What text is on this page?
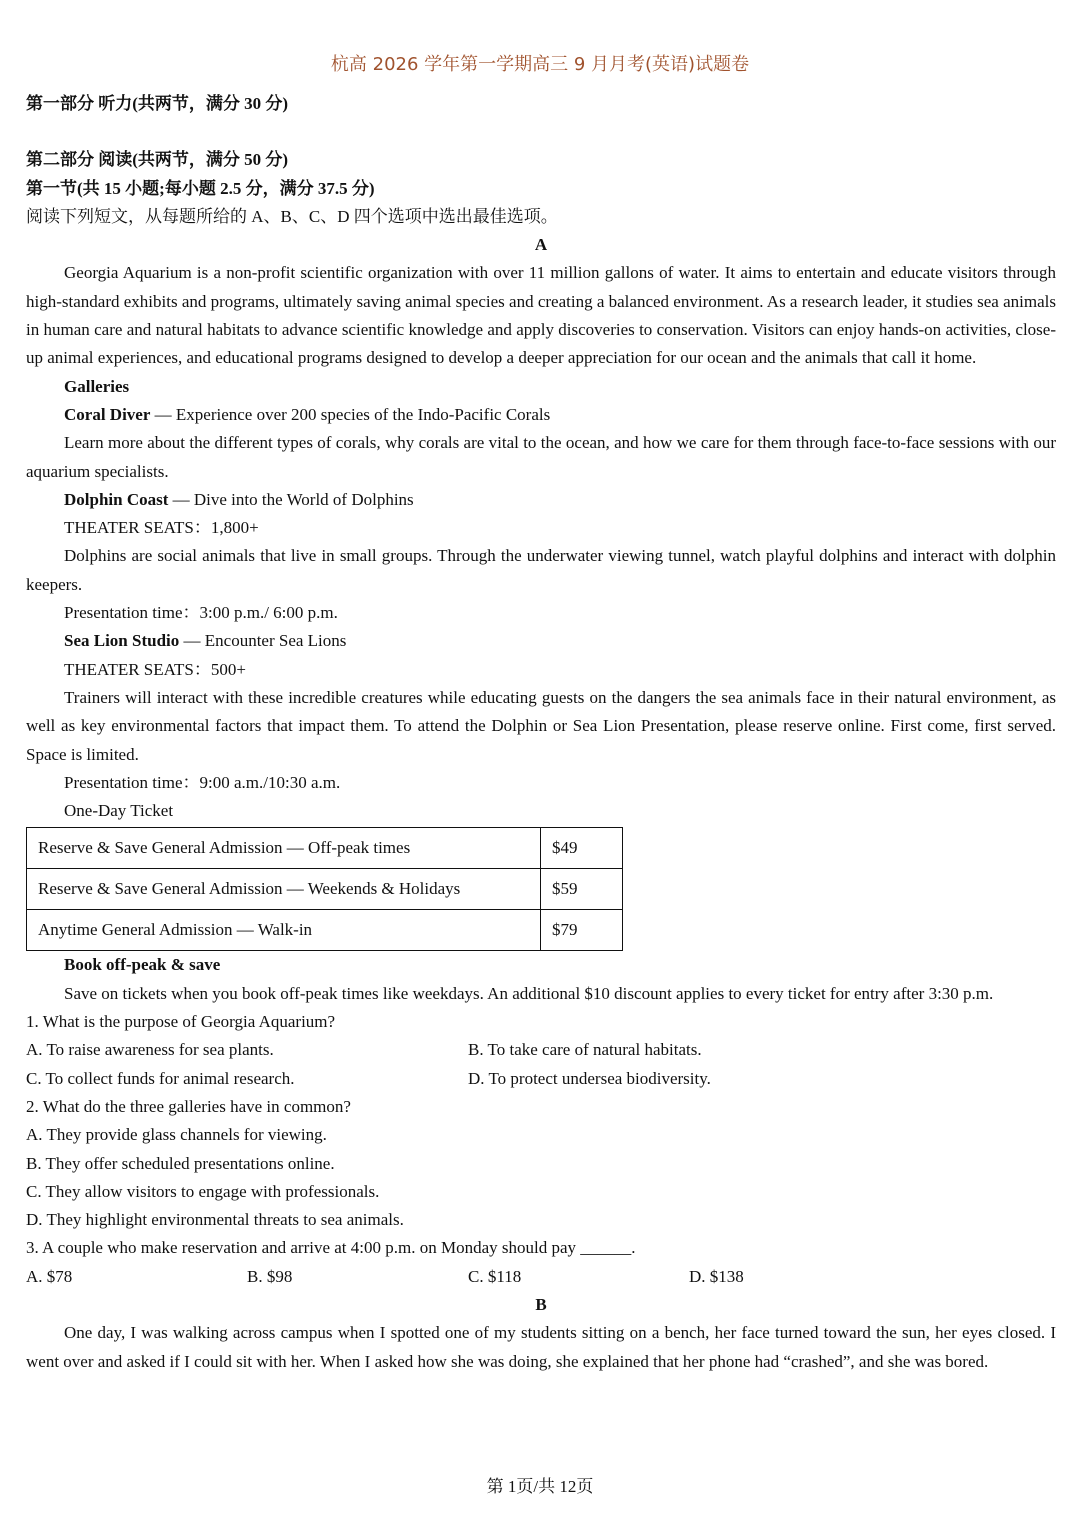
杭高 2026 学年第一学期高三 9 月月考(英语)试题卷

第一部分 听力(共两节，满分 30 分)

第二部分 阅读(共两节，满分 50 分)

第一节(共 15 小题;每小题 2.5 分，满分 37.5 分)

阅读下列短文，从每题所给的 A、B、C、D 四个选项中选出最佳选项。

A

Georgia Aquarium is a non-profit scientific organization with over 11 million gallons of water. It aims to entertain and educate visitors through high-standard exhibits and programs, ultimately saving animal species and creating a balanced environment. As a research leader, it studies sea animals in human care and natural habitats to advance scientific knowledge and apply discoveries to conservation. Visitors can enjoy hands-on activities, close-up animal experiences, and educational programs designed to develop a deeper appreciation for our ocean and the animals that call it home.

Galleries

Coral Diver — Experience over 200 species of the Indo-Pacific Corals

Learn more about the different types of corals, why corals are vital to the ocean, and how we care for them through face-to-face sessions with our aquarium specialists.

Dolphin Coast — Dive into the World of Dolphins

THEATER SEATS：1,800+

Dolphins are social animals that live in small groups. Through the underwater viewing tunnel, watch playful dolphins and interact with dolphin keepers.

Presentation time：3:00 p.m./ 6:00 p.m.

Sea Lion Studio — Encounter Sea Lions

THEATER SEATS：500+

Trainers will interact with these incredible creatures while educating guests on the dangers the sea animals face in their natural environment, as well as key environmental factors that impact them. To attend the Dolphin or Sea Lion Presentation, please reserve online. First come, first served. Space is limited.

Presentation time：9:00 a.m./10:30 a.m.

One-Day Ticket

Reserve & Save General Admission — Off-peak times	$49
Reserve & Save General Admission — Weekends & Holidays	$59
Anytime General Admission — Walk-in	$79

Book off-peak & save

Save on tickets when you book off-peak times like weekdays. An additional $10 discount applies to every ticket for entry after 3:30 p.m.

1. What is the purpose of Georgia Aquarium?

A. To raise awareness for sea plants.	B. To take care of natural habitats.
C. To collect funds for animal research.	D. To protect undersea biodiversity.

2. What do the three galleries have in common?

A. They provide glass channels for viewing.

B. They offer scheduled presentations online.

C. They allow visitors to engage with professionals.

D. They highlight environmental threats to sea animals.

3. A couple who make reservation and arrive at 4:00 p.m. on Monday should pay ______.

A. $78	B. $98	C. $118	D. $138

B

One day, I was walking across campus when I spotted one of my students sitting on a bench, her face turned toward the sun, her eyes closed. I went over and asked if I could sit with her. When I asked how she was doing, she explained that her phone had “crashed”, and she was bored.

第 1页/共 12页
